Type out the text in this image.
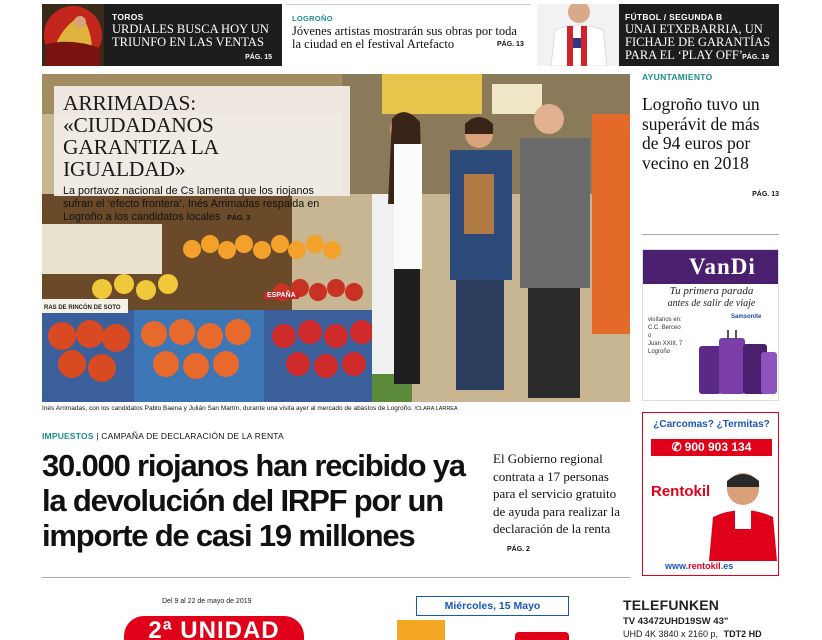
TOROS
URDIALES BUSCA HOY UN TRIUNFO EN LAS VENTAS
PÁG. 15
LOGROÑO
Jóvenes artistas mostrarán sus obras por toda la ciudad en el festival Artefacto	PÁG. 13
FÚTBOL / SEGUNDA B
UNAI ETXEBARRIA, UN FICHAJE DE GARANTÍAS PARA EL ‘PLAY OFF’ PÁG. 19
RAS DE RINCÓN DE SOTO
ESPAÑA
ARRIMADAS: «CIUDADANOS GARANTIZA LA IGUALDAD»
La portavoz nacional de Cs lamenta que los riojanos sufran el ‘efecto frontera’. Inés Arrimadas respalda en Logroño a los candidatos locales PÁG. 3
Inés Arrimadas, con los candidatos Pablo Baena y Julián San Martín, durante una visita ayer al mercado de abastos de Logroño. /CLARA LARREA
AYUNTAMIENTO
Logroño tuvo un superávit de más de 94 euros por vecino en 2018
PÁG. 13
VanDi
Tu primera parada
antes de salir de viaje
visítanos en:
C.C. Berceo
o
Juan XXIII, 7
Logroño
Samsonite
¿Carcomas? ¿Termitas?
✆ 900 903 134
Rentokil
www.rentokil.es
IMPUESTOS | CAMPAÑA DE DECLARACIÓN DE LA RENTA
30.000 riojanos han recibido ya la devolución del IRPF por un importe de casi 19 millones
El Gobierno regional contrata a 17 personas para el servicio gratuito de ayuda para realizar la declaración de la renta PÁG. 2
Del 9 al 22 de mayo de 2019
2ª UNIDAD
Miércoles, 15 Mayo	TELEFUNKEN
TV 43472UHD19SW 43"
UHD 4K 3840 x 2160 p, TDT2 HD
